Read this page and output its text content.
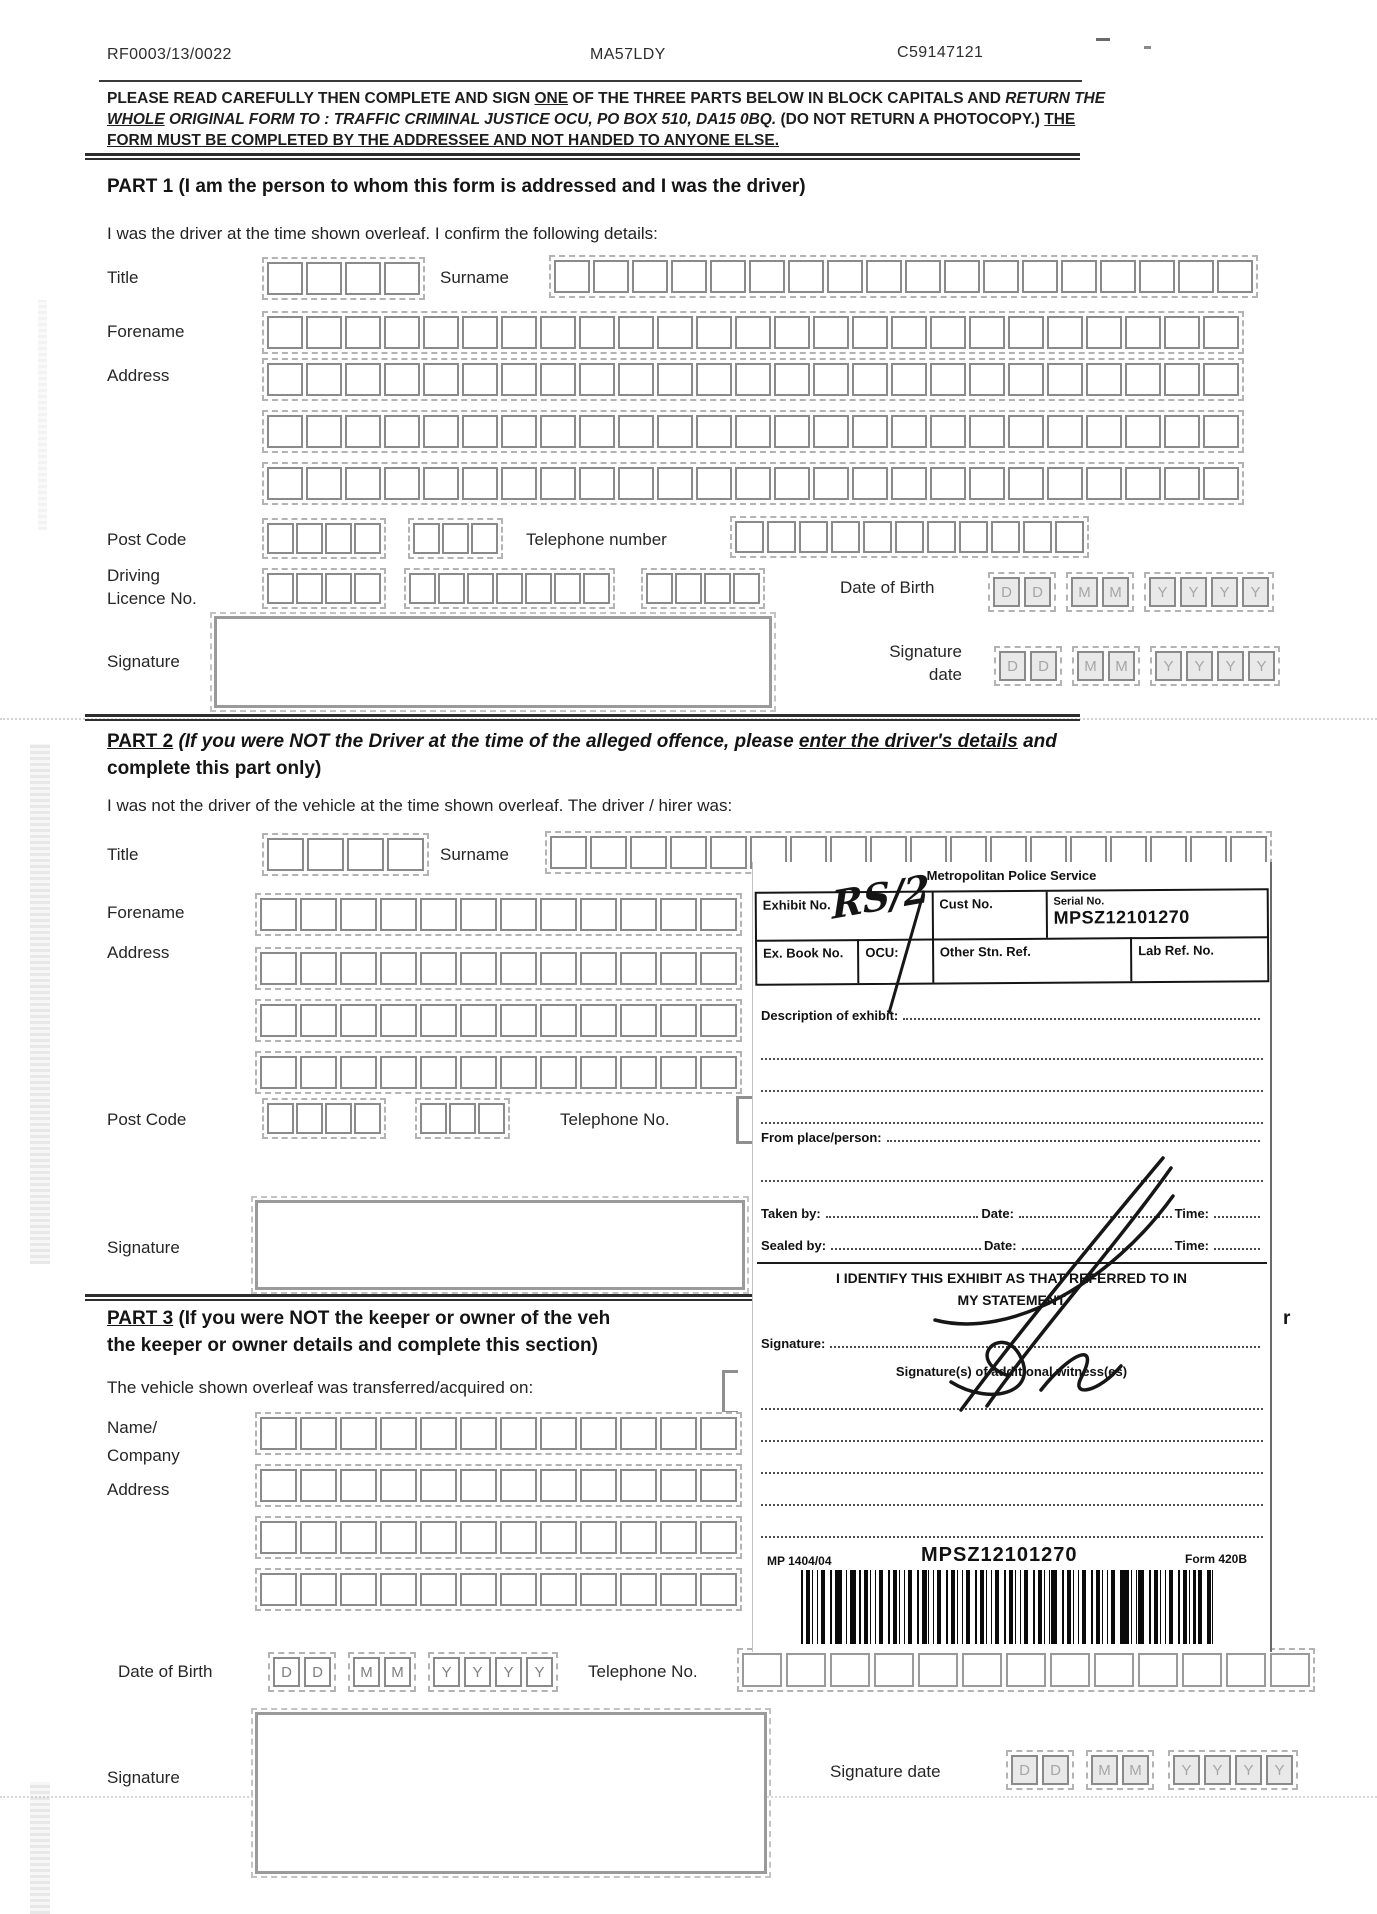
RF0003/13/0022	MA57LDY	C59147121
PLEASE READ CAREFULLY THEN COMPLETE AND SIGN ONE OF THE THREE PARTS BELOW IN BLOCK CAPITALS AND RETURN THE
WHOLE ORIGINAL FORM TO : TRAFFIC CRIMINAL JUSTICE OCU, PO BOX 510, DA15 0BQ. (DO NOT RETURN A PHOTOCOPY.) THE
FORM MUST BE COMPLETED BY THE ADDRESSEE AND NOT HANDED TO ANYONE ELSE.
PART 1 (I am the person to whom this form is addressed and I was the driver)
I was the driver at the time shown overleaf. I confirm the following details:
Title	Surname
Forename
Address
Post Code	Telephone number
Driving
Licence No.
Date of Birth	D	D	M	M	Y	Y	Y	Y
Signature
Signature
date	D	D	M	M	Y	Y	Y	Y
PART 2 (If you were NOT the Driver at the time of the alleged offence, please enter the driver's details and
complete this part only)
I was not the driver of the vehicle at the time shown overleaf. The driver / hirer was:
Title	Surname
Forename
Address
Post Code	Telephone No.
Signature
PART 3 (If you were NOT the keeper or owner of the veh	r
the keeper or owner details and complete this section)
The vehicle shown overleaf was transferred/acquired on:
Name/
Company
Address
Date of Birth	D	D	M	M	Y	Y	Y	Y	Telephone No.
Signature	Signature date	D	D	M	M	Y	Y	Y	Y
Metropolitan Police Service
Exhibit No.	Cust No.	Serial No.
MPSZ12101270
Ex. Book No.	OCU:	Other Stn. Ref.	Lab Ref. No.
RS/2
Description of exhibit:
From place/person:
Taken by:	Date:	Time:
Sealed by:	Date:	Time:
I IDENTIFY THIS EXHIBIT AS THAT REFERRED TO IN
MY STATEMENT
Signature:
Signature(s) of additional witness(es)
MP 1404/04	MPSZ12101270	Form 420B
